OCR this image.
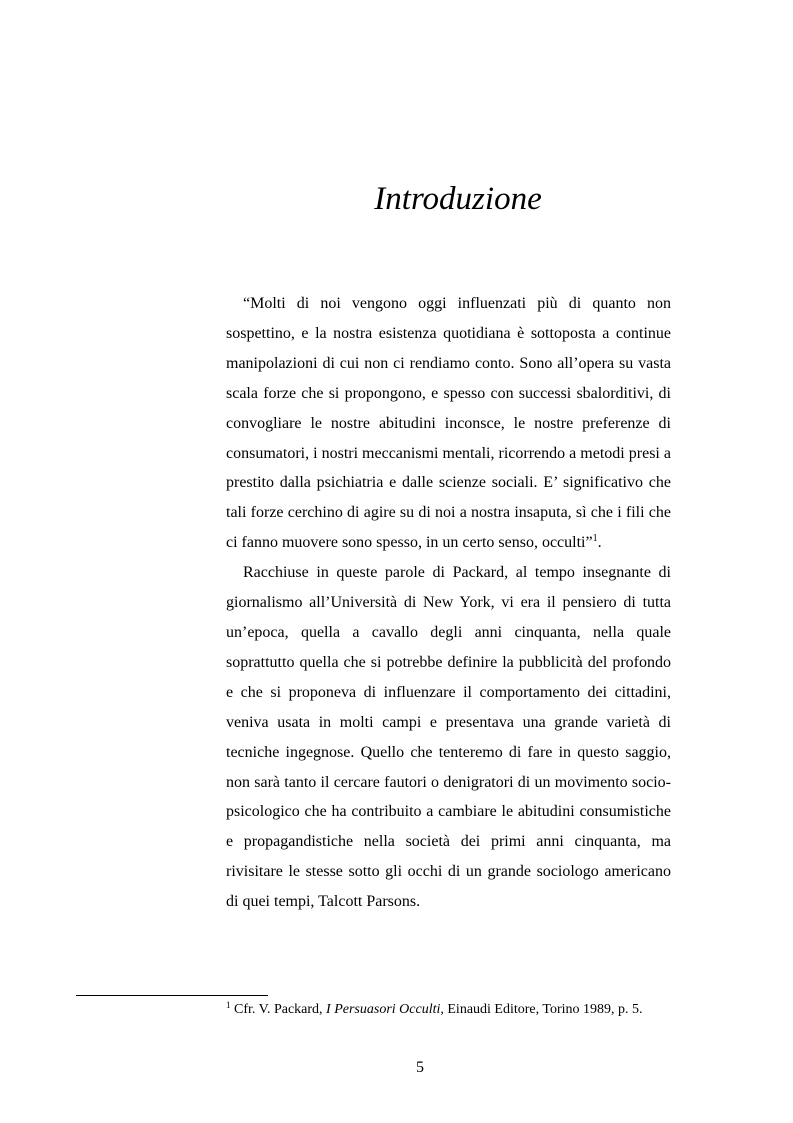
Introduzione

“Molti di noi vengono oggi influenzati più di quanto non sospettino, e la nostra esistenza quotidiana è sottoposta a continue manipolazioni di cui non ci rendiamo conto. Sono all’opera su vasta scala forze che si propongono, e spesso con successi sbalorditivi, di convogliare le nostre abitudini inconsce, le nostre preferenze di consumatori, i nostri meccanismi mentali, ricorrendo a metodi presi a prestito dalla psichiatria e dalle scienze sociali. E’ significativo che tali forze cerchino di agire su di noi a nostra insaputa, sì che i fili che ci fanno muovere sono spesso, in un certo senso, occulti”$^1$.

Racchiuse in queste parole di Packard, al tempo insegnante di giornalismo all’Università di New York, vi era il pensiero di tutta un’epoca, quella a cavallo degli anni cinquanta, nella quale soprattutto quella che si potrebbe definire la pubblicità del profondo e che si proponeva di influenzare il comportamento dei cittadini, veniva usata in molti campi e presentava una grande varietà di tecniche ingegnose. Quello che tenteremo di fare in questo saggio, non sarà tanto il cercare fautori o denigratori di un movimento socio-psicologico che ha contribuito a cambiare le abitudini consumistiche e propagandistiche nella società dei primi anni cinquanta, ma rivisitare le stesse sotto gli occhi di un grande sociologo americano di quei tempi, Talcott Parsons.

$^1$ Cfr. V. Packard, I Persuasori Occulti, Einaudi Editore, Torino 1989, p. 5.
5
